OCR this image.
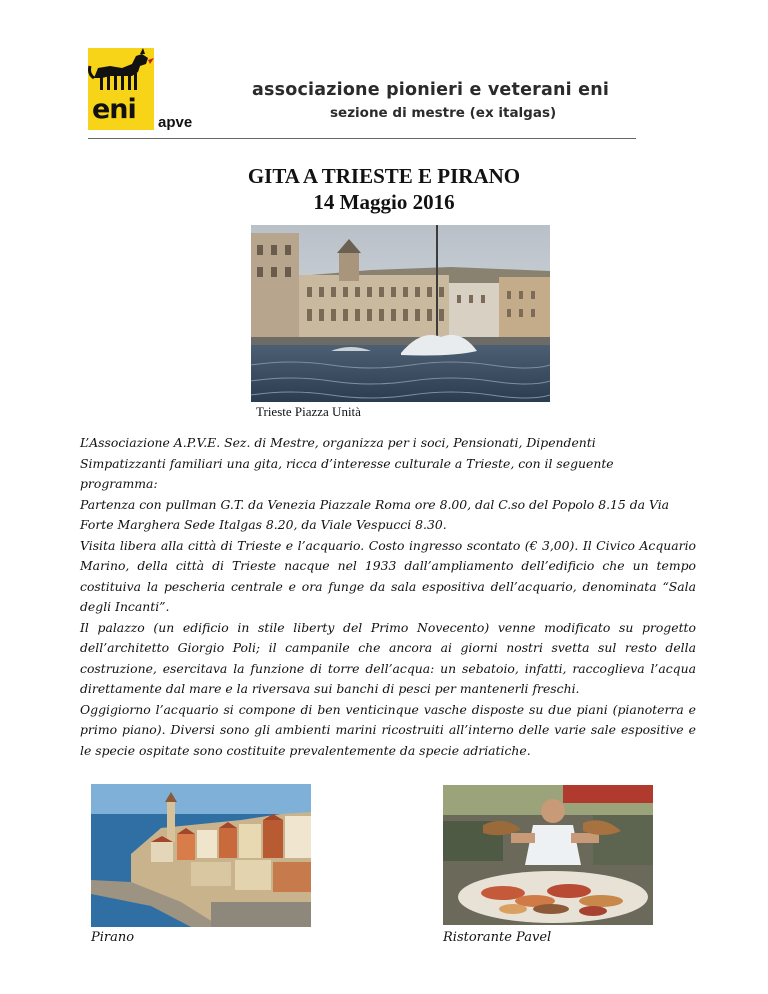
eni apve
associazione pionieri e veterani eni
sezione di mestre (ex italgas)
GITA A TRIESTE E PIRANO
14 Maggio 2016
Trieste Piazza Unità

L’Associazione A.P.V.E. Sez. di Mestre, organizza per i soci, Pensionati, Dipendenti Simpatizzanti familiari una gita, ricca d’interesse culturale a Trieste, con il seguente programma:

Partenza con pullman G.T. da Venezia Piazzale Roma ore 8.00, dal C.so del Popolo 8.15 da Via Forte Marghera Sede Italgas 8.20, da Viale Vespucci 8.30.

Visita libera alla città di Trieste e l’acquario. Costo ingresso scontato (€ 3,00). Il Civico Acquario Marino, della città di Trieste nacque nel 1933 dall’ampliamento dell’edificio che un tempo costituiva la pescheria centrale e ora funge da sala espositiva dell’acquario, denominata “Sala degli Incanti”.

Il palazzo (un edificio in stile liberty del Primo Novecento) venne modificato su progetto dell’architetto Giorgio Poli; il campanile che ancora ai giorni nostri svetta sul resto della costruzione, esercitava la funzione di torre dell’acqua: un sebatoio, infatti, raccoglieva l’acqua direttamente dal mare e la riversava sui banchi di pesci per mantenerli freschi.

Oggigiorno l’acquario si compone di ben venticinque vasche disposte su due piani (pianoterra e primo piano). Diversi sono gli ambienti marini ricostruiti all’interno delle varie sale espositive e le specie ospitate sono costituite prevalentemente da specie adriatiche.

Pirano	Ristorante Pavel
